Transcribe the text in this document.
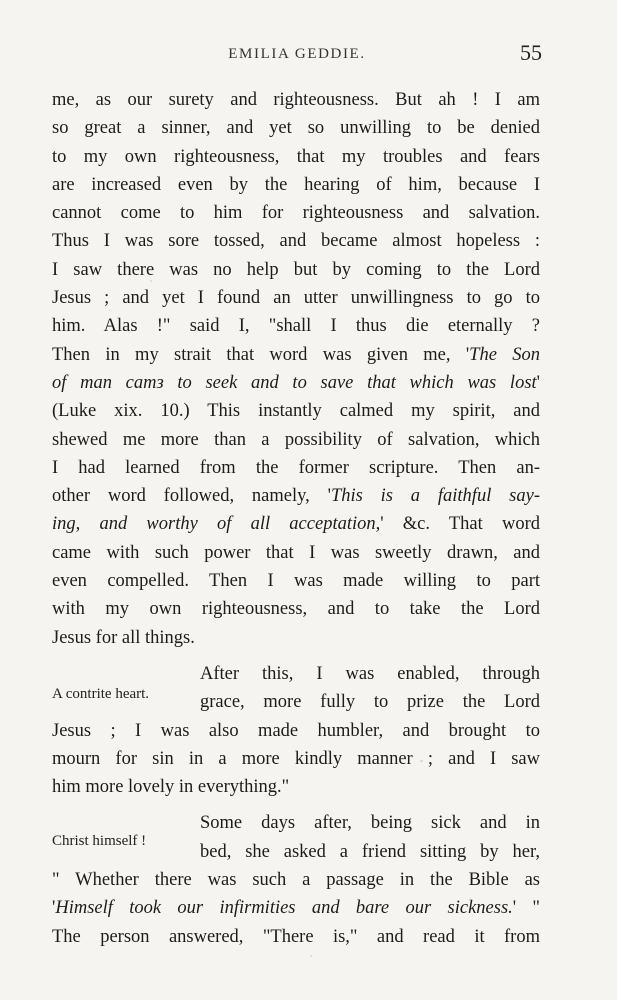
EMILIA GEDDIE.	55
me, as our surety and righteousness. But ah ! I am
so great a sinner, and yet so unwilling to be denied
to my own righteousness, that my troubles and fears
are increased even by the hearing of him, because I
cannot come to him for righteousness and salvation.
Thus I was sore tossed, and became almost hopeless :
I saw there was no help but by coming to the Lord
Jesus ; and yet I found an utter unwillingness to go to
him. Alas !" said I, "shall I thus die eternally ?
Then in my strait that word was given me, 'The Son
of man camз to seek and to save that which was lost'
(Luke xix. 10.) This instantly calmed my spirit, and
shewed me more than a possibility of salvation, which
I had learned from the former scripture. Then an-
other word followed, namely, 'This is a faithful say-
ing, and worthy of all acceptation,' &c. That word
came with such power that I was sweetly drawn, and
even compelled. Then I was made willing to part
with my own righteousness, and to take the Lord
Jesus for all things.
A contrite heart.
After this, I was enabled, through
grace, more fully to prize the Lord
Jesus ; I was also made humbler, and brought to
mourn for sin in a more kindly manner ; and I saw
him more lovely in everything."
Christ himself !
Some days after, being sick and in
bed, she asked a friend sitting by her,
" Whether there was such a passage in the Bible as
'Himself took our infirmities and bare our sickness.' "
The person answered, "There is," and read it from
